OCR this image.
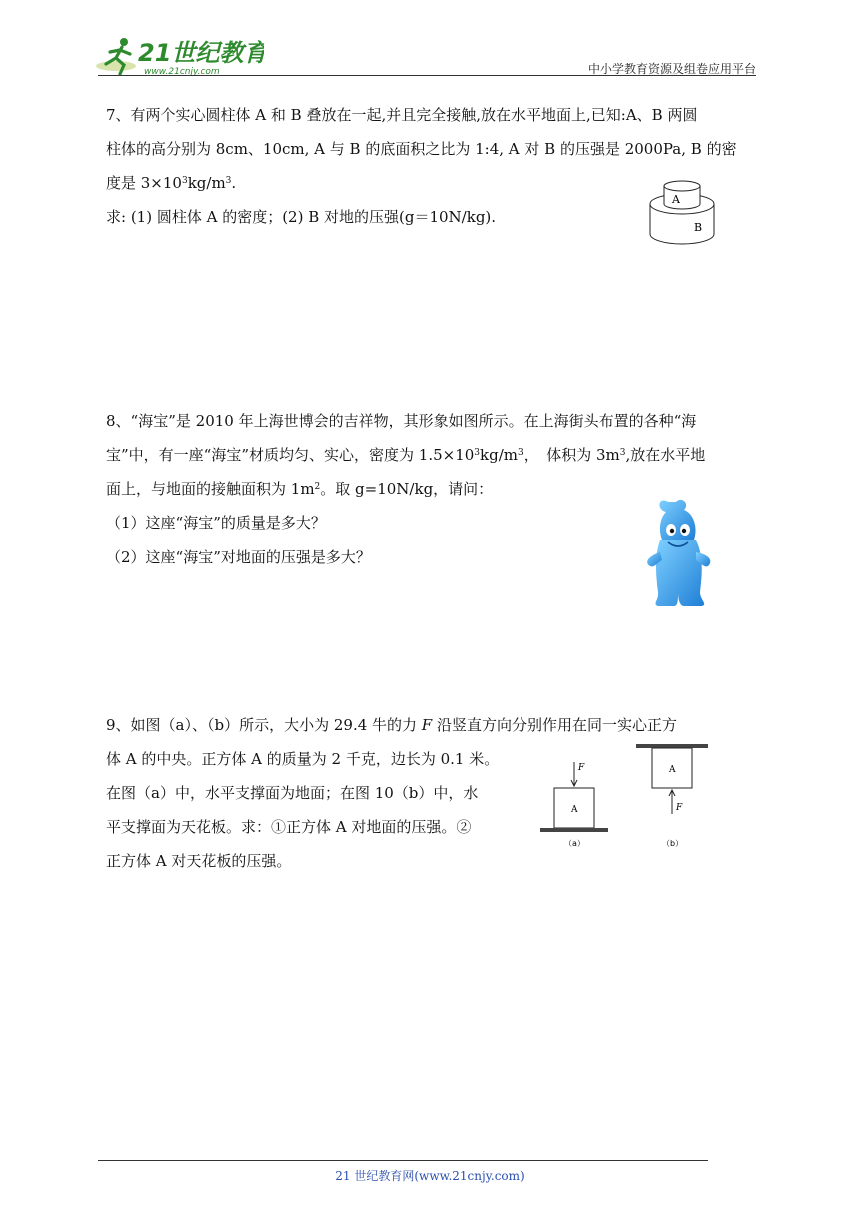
21世纪教育
www.21cnjy.com	中小学教育资源及组卷应用平台
7、有两个实心圆柱体 A 和 B 叠放在一起,并且完全接触,放在水平地面上,已知:A、B 两圆
柱体的高分别为 8cm、10cm, A 与 B 的底面积之比为 1:4, A 对 B 的压强是 2000Pa, B 的密
度是 $3\times 10^3kg/m^3$.
求: (1) 圆柱体 A 的密度；(2) B 对地的压强(g＝10N/kg).
A
B
8、“海宝”是 2010 年上海世博会的吉祥物，其形象如图所示。在上海街头布置的各种“海
宝”中，有一座“海宝”材质均匀、实心，密度为 $1.5\times 10^3kg/m^3$，　体积为 $3m^3$,放在水平地
面上，与地面的接触面积为 $1m^2$。取 g=10N/kg，请问：
（1）这座“海宝”的质量是多大？
（2）这座“海宝”对地面的压强是多大？
9、如图（a）、（b）所示，大小为 29.4 牛的力 F 沿竖直方向分别作用在同一实心正方
体 A 的中央。正方体 A 的质量为 2 千克，边长为 0.1 米。
在图（a）中，水平支撑面为地面；在图 10（b）中，水
平支撑面为天花板。求：①正方体 A 对地面的压强。②
正方体 A 对天花板的压强。
F
A
（a）
A
F
（b）
21 世纪教育网(www.21cnjy.com)
